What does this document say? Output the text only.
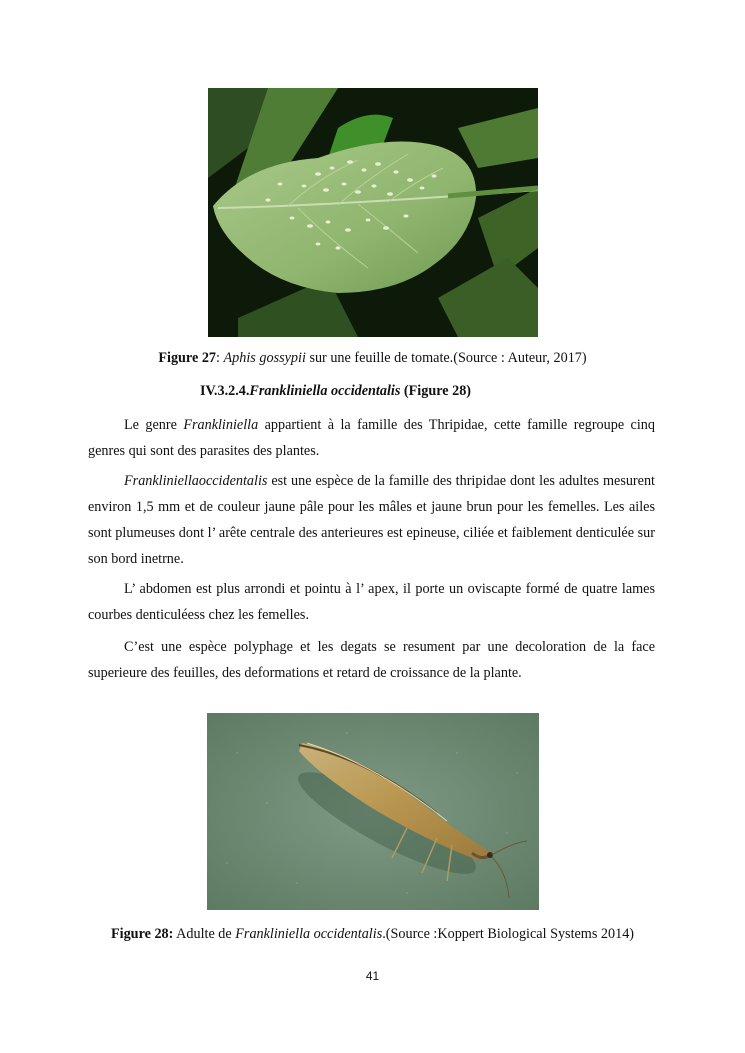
Figure 27: Aphis gossypii sur une feuille de tomate.(Source : Auteur, 2017)
IV.3.2.4.Frankliniella occidentalis (Figure 28)

Le genre Frankliniella appartient à la famille des Thripidae, cette famille regroupe cinq genres qui sont des parasites des plantes.

Frankliniellaoccidentalis est une espèce de la famille des thripidae dont les adultes mesurent environ 1,5 mm et de couleur jaune pâle pour les mâles et jaune brun pour les femelles. Les ailes sont plumeuses dont l’ arête centrale des anterieures est epineuse, ciliée et faiblement denticulée sur son bord inetrne.

L’ abdomen est plus arrondi et pointu à l’ apex, il porte un oviscapte formé de quatre lames courbes denticuléess chez les femelles.

C’est une espèce polyphage et les degats se resument par une decoloration de la face superieure des feuilles, des deformations et retard de croissance de la plante.

Figure 28: Adulte de Frankliniella occidentalis.(Source :Koppert Biological Systems 2014)
41
